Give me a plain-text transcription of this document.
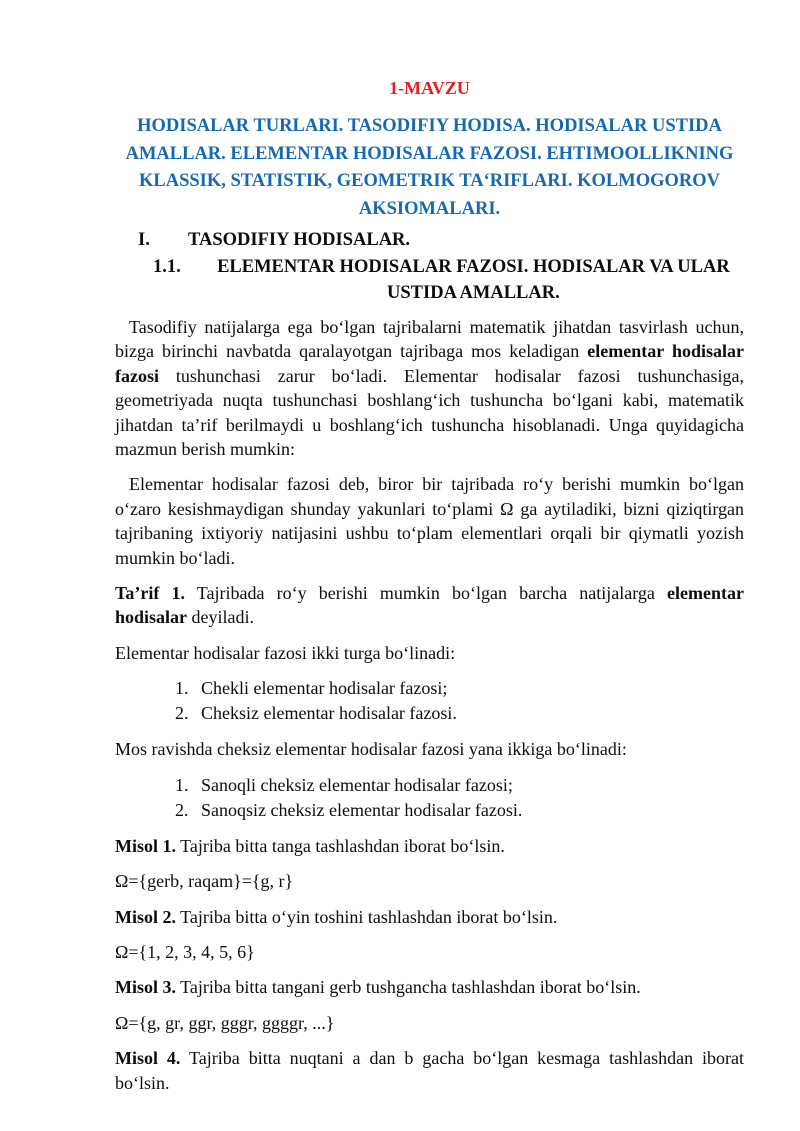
1-MAVZU

HODISALAR TURLARI. TASODIFIY HODISA. HODISALAR USTIDA AMALLAR. ELEMENTAR HODISALAR FAZOSI. EHTIMOOLLIKNING KLASSIK, STATISTIK, GEOMETRIK TA‘RIFLARI. KOLMOGOROV AKSIOMALARI.

I.	TASODIFIY HODISALAR.

1.1.	ELEMENTAR HODISALAR FAZOSI. HODISALAR VA ULAR USTIDA AMALLAR.

Tasodifiy natijalarga ega bo‘lgan tajribalarni matematik jihatdan tasvirlash uchun, bizga birinchi navbatda qaralayotgan tajribaga mos keladigan elementar hodisalar fazosi tushunchasi zarur bo‘ladi. Elementar hodisalar fazosi tushunchasiga, geometriyada nuqta tushunchasi boshlang‘ich tushuncha bo‘lgani kabi, matematik jihatdan ta’rif berilmaydi u boshlang‘ich tushuncha hisoblanadi. Unga quyidagicha mazmun berish mumkin:

Elementar hodisalar fazosi deb, biror bir tajribada ro‘y berishi mumkin bo‘lgan o‘zaro kesishmaydigan shunday yakunlari to‘plami Ω ga aytiladiki, bizni qiziqtirgan tajribaning ixtiyoriy natijasini ushbu to‘plam elementlari orqali bir qiymatli yozish mumkin bo‘ladi.

Ta’rif 1. Tajribada ro‘y berishi mumkin bo‘lgan barcha natijalarga elementar hodisalar deyiladi.

Elementar hodisalar fazosi ikki turga bo‘linadi:

1. Chekli elementar hodisalar fazosi;
2. Cheksiz elementar hodisalar fazosi.

Mos ravishda cheksiz elementar hodisalar fazosi yana ikkiga bo‘linadi:

1. Sanoqli cheksiz elementar hodisalar fazosi;
2. Sanoqsiz cheksiz elementar hodisalar fazosi.

Misol 1. Tajriba bitta tanga tashlashdan iborat bo‘lsin.

Ω={gerb, raqam}={g, r}

Misol 2. Tajriba bitta o‘yin toshini tashlashdan iborat bo‘lsin.

Ω={1, 2, 3, 4, 5, 6}

Misol 3. Tajriba bitta tangani gerb tushgancha tashlashdan iborat bo‘lsin.

Ω={g, gr, ggr, gggr, ggggr, ...}

Misol 4. Tajriba bitta nuqtani a dan b gacha bo‘lgan kesmaga tashlashdan iborat bo‘lsin.
